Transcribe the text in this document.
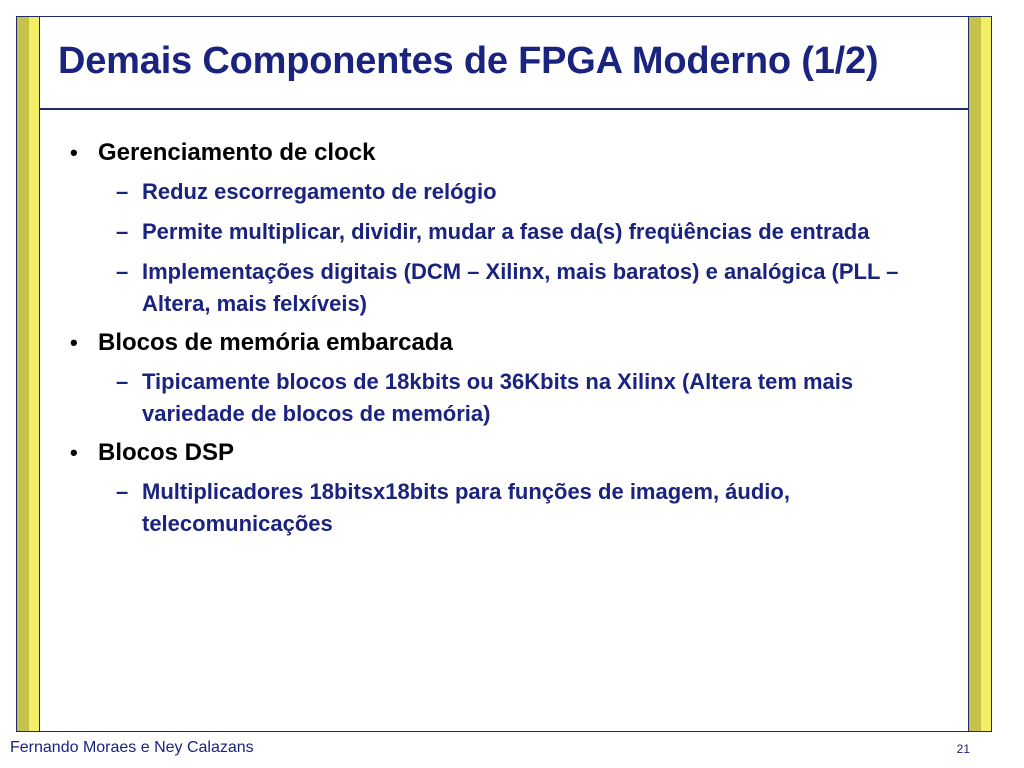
Demais Componentes de FPGA Moderno (1/2)
• Gerenciamento de clock
– Reduz escorregamento de relógio
– Permite multiplicar, dividir, mudar a fase da(s) freqüências de entrada
– Implementações digitais (DCM – Xilinx, mais baratos) e analógica (PLL – Altera, mais felxíveis)
• Blocos de memória embarcada
– Tipicamente blocos de 18kbits ou 36Kbits na Xilinx (Altera tem mais variedade de blocos de memória)
• Blocos DSP
– Multiplicadores 18bitsx18bits para funções de imagem, áudio, telecomunicações
Fernando Moraes e Ney Calazans	21
